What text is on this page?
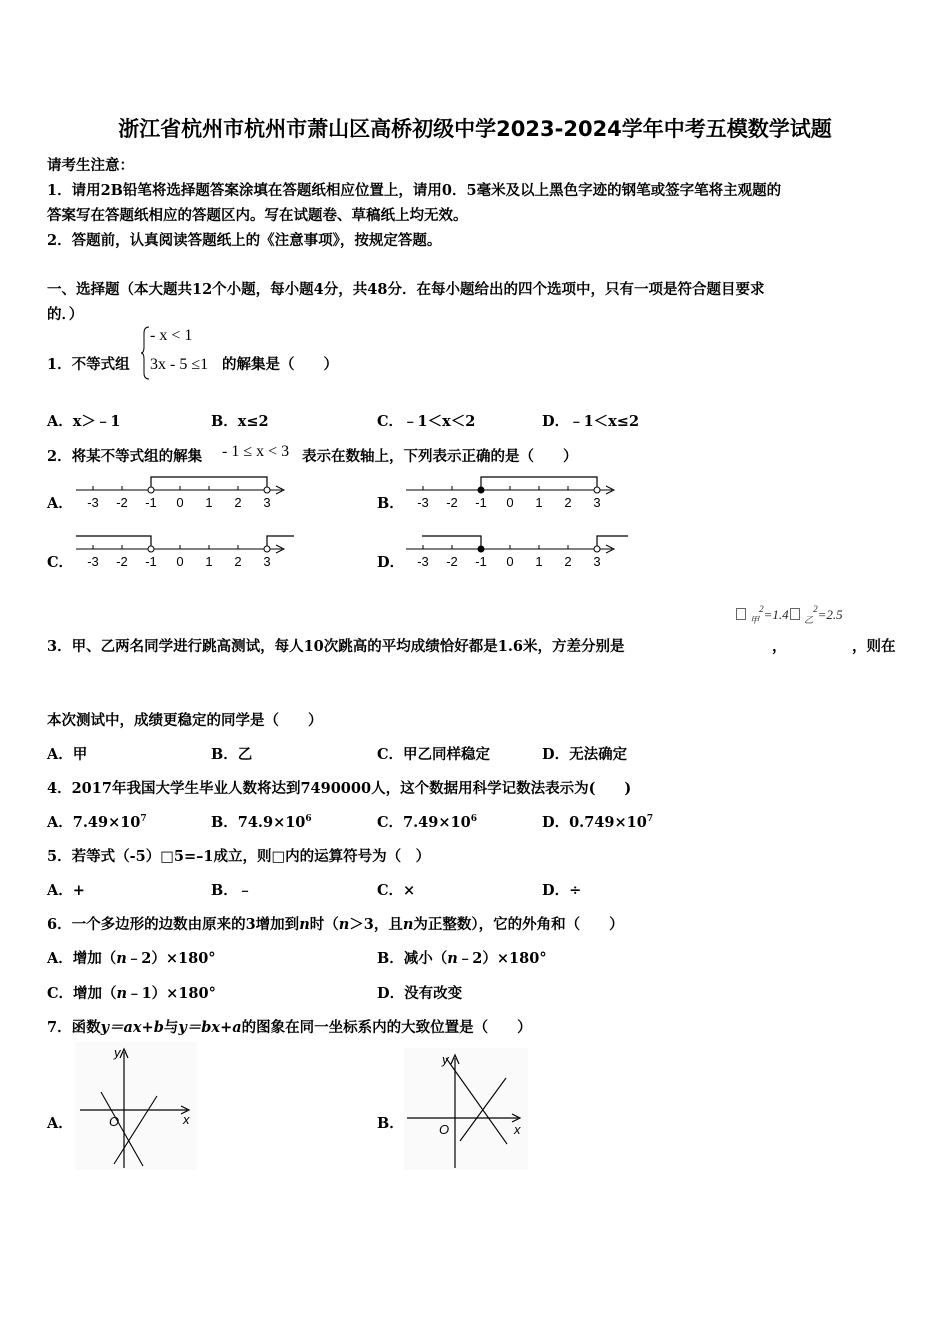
浙江省杭州市杭州市萧山区高桥初级中学2023-2024学年中考五模数学试题
请考生注意：
1．请用2B铅笔将选择题答案涂填在答题纸相应位置上，请用0．5毫米及以上黑色字迹的钢笔或签字笔将主观题的
答案写在答题纸相应的答题区内。写在试题卷、草稿纸上均无效。
2．答题前，认真阅读答题纸上的《注意事项》，按规定答题。
一、选择题（本大题共12个小题，每小题4分，共48分．在每小题给出的四个选项中，只有一项是符合题目要求
的．）
1．不等式组
- x < 1
3x - 5 ≤1 的解集是（　　）
A．x＞﹣1	B．x≤2	C．﹣1＜x＜2	D．﹣1＜x≤2
2．将某不等式组的解集 - 1 ≤ x < 3 表示在数轴上，下列表示正确的是（　　）
A．	B．
C．	D．
-3 -2 -1 0 1 2 3	-3 -2 -1 0 1 2 3
-3 -2 -1 0 1 2 3	-3 -2 -1 0 1 2 3
$_甲^2$=1.4	$_乙^2$=2.5
3．甲、乙两名同学进行跳高测试，每人10次跳高的平均成绩恰好都是1.6米，方差分别是	，	，则在
本次测试中，成绩更稳定的同学是（　　）
A．甲	B．乙	C．甲乙同样稳定	D．无法确定
4．2017年我国大学生毕业人数将达到7490000人，这个数据用科学记数法表示为(　　)
A．$7.49\times 10^7$	B．$74.9\times 10^6$	C．$7.49\times 10^6$	D．$0.749\times 10^7$
5．若等式（-5）□5=–1成立，则□内的运算符号为（　）
A．+	B．﹣	C．×	D．÷
6．一个多边形的边数由原来的3增加到n时（n＞3，且n为正整数），它的外角和（　　）
A．增加（n﹣2）×180°	B．减小（n﹣2）×180°
C．增加（n﹣1）×180°	D．没有改变
7．函数y＝ax+b与y＝bx+a的图象在同一坐标系内的大致位置是（　　）
A．	B．
y
x
O
y
x
O
